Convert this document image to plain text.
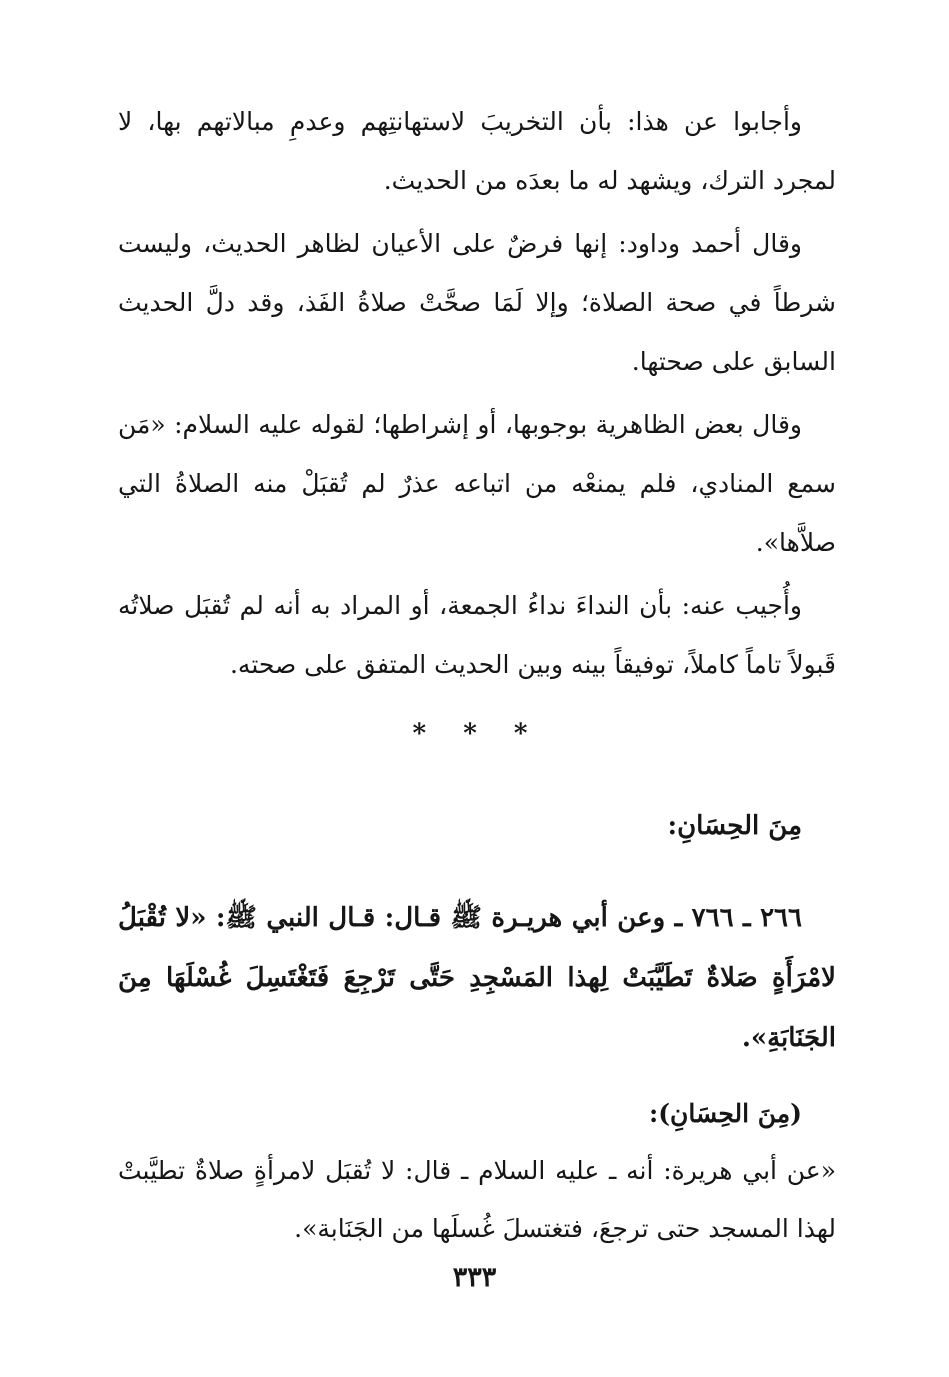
وأجابوا عن هذا: بأن التخريبَ لاستهانتِهم وعدمِ مبالاتهم بها، لا لمجرد الترك، ويشهد له ما بعدَه من الحديث.

وقال أحمد وداود: إنها فرضٌ على الأعيان لظاهر الحديث، وليست شرطاً في صحة الصلاة؛ وإلا لَمَا صحَّتْ صلاةُ الفَذ، وقد دلَّ الحديث السابق على صحتها.

وقال بعض الظاهرية بوجوبها، أو إشراطها؛ لقوله عليه السلام: «مَن سمع المنادي، فلم يمنعْه من اتباعه عذرٌ لم تُقبَلْ منه الصلاةُ التي صلاَّها».

وأُجيب عنه: بأن النداءَ نداءُ الجمعة، أو المراد به أنه لم تُقبَل صلاتُه قَبولاً تاماً كاملاً، توفيقاً بينه وبين الحديث المتفق على صحته.

* * *
مِنَ الحِسَانِ:
٢٦٦ ـ ٧٦٦ ـ وعن أبي هريـرة ﷺ قـال: قـال النبي ﷺ: «لا تُقْبَلُ لامْرَأَةٍ صَلاةٌ تَطَيَّبَتْ لِهذا المَسْجِدِ حَتَّى تَرْجِعَ فَتَغْتَسِلَ غُسْلَهَا مِنَ الجَنَابَةِ».
(مِنَ الحِسَانِ):

«عن أبي هريرة: أنه ـ عليه السلام ـ قال: لا تُقبَل لامرأةٍ صلاةٌ تطيَّبتْ لهذا المسجد حتى ترجعَ، فتغتسلَ غُسلَها من الجَنَابة».

٣٣٣
